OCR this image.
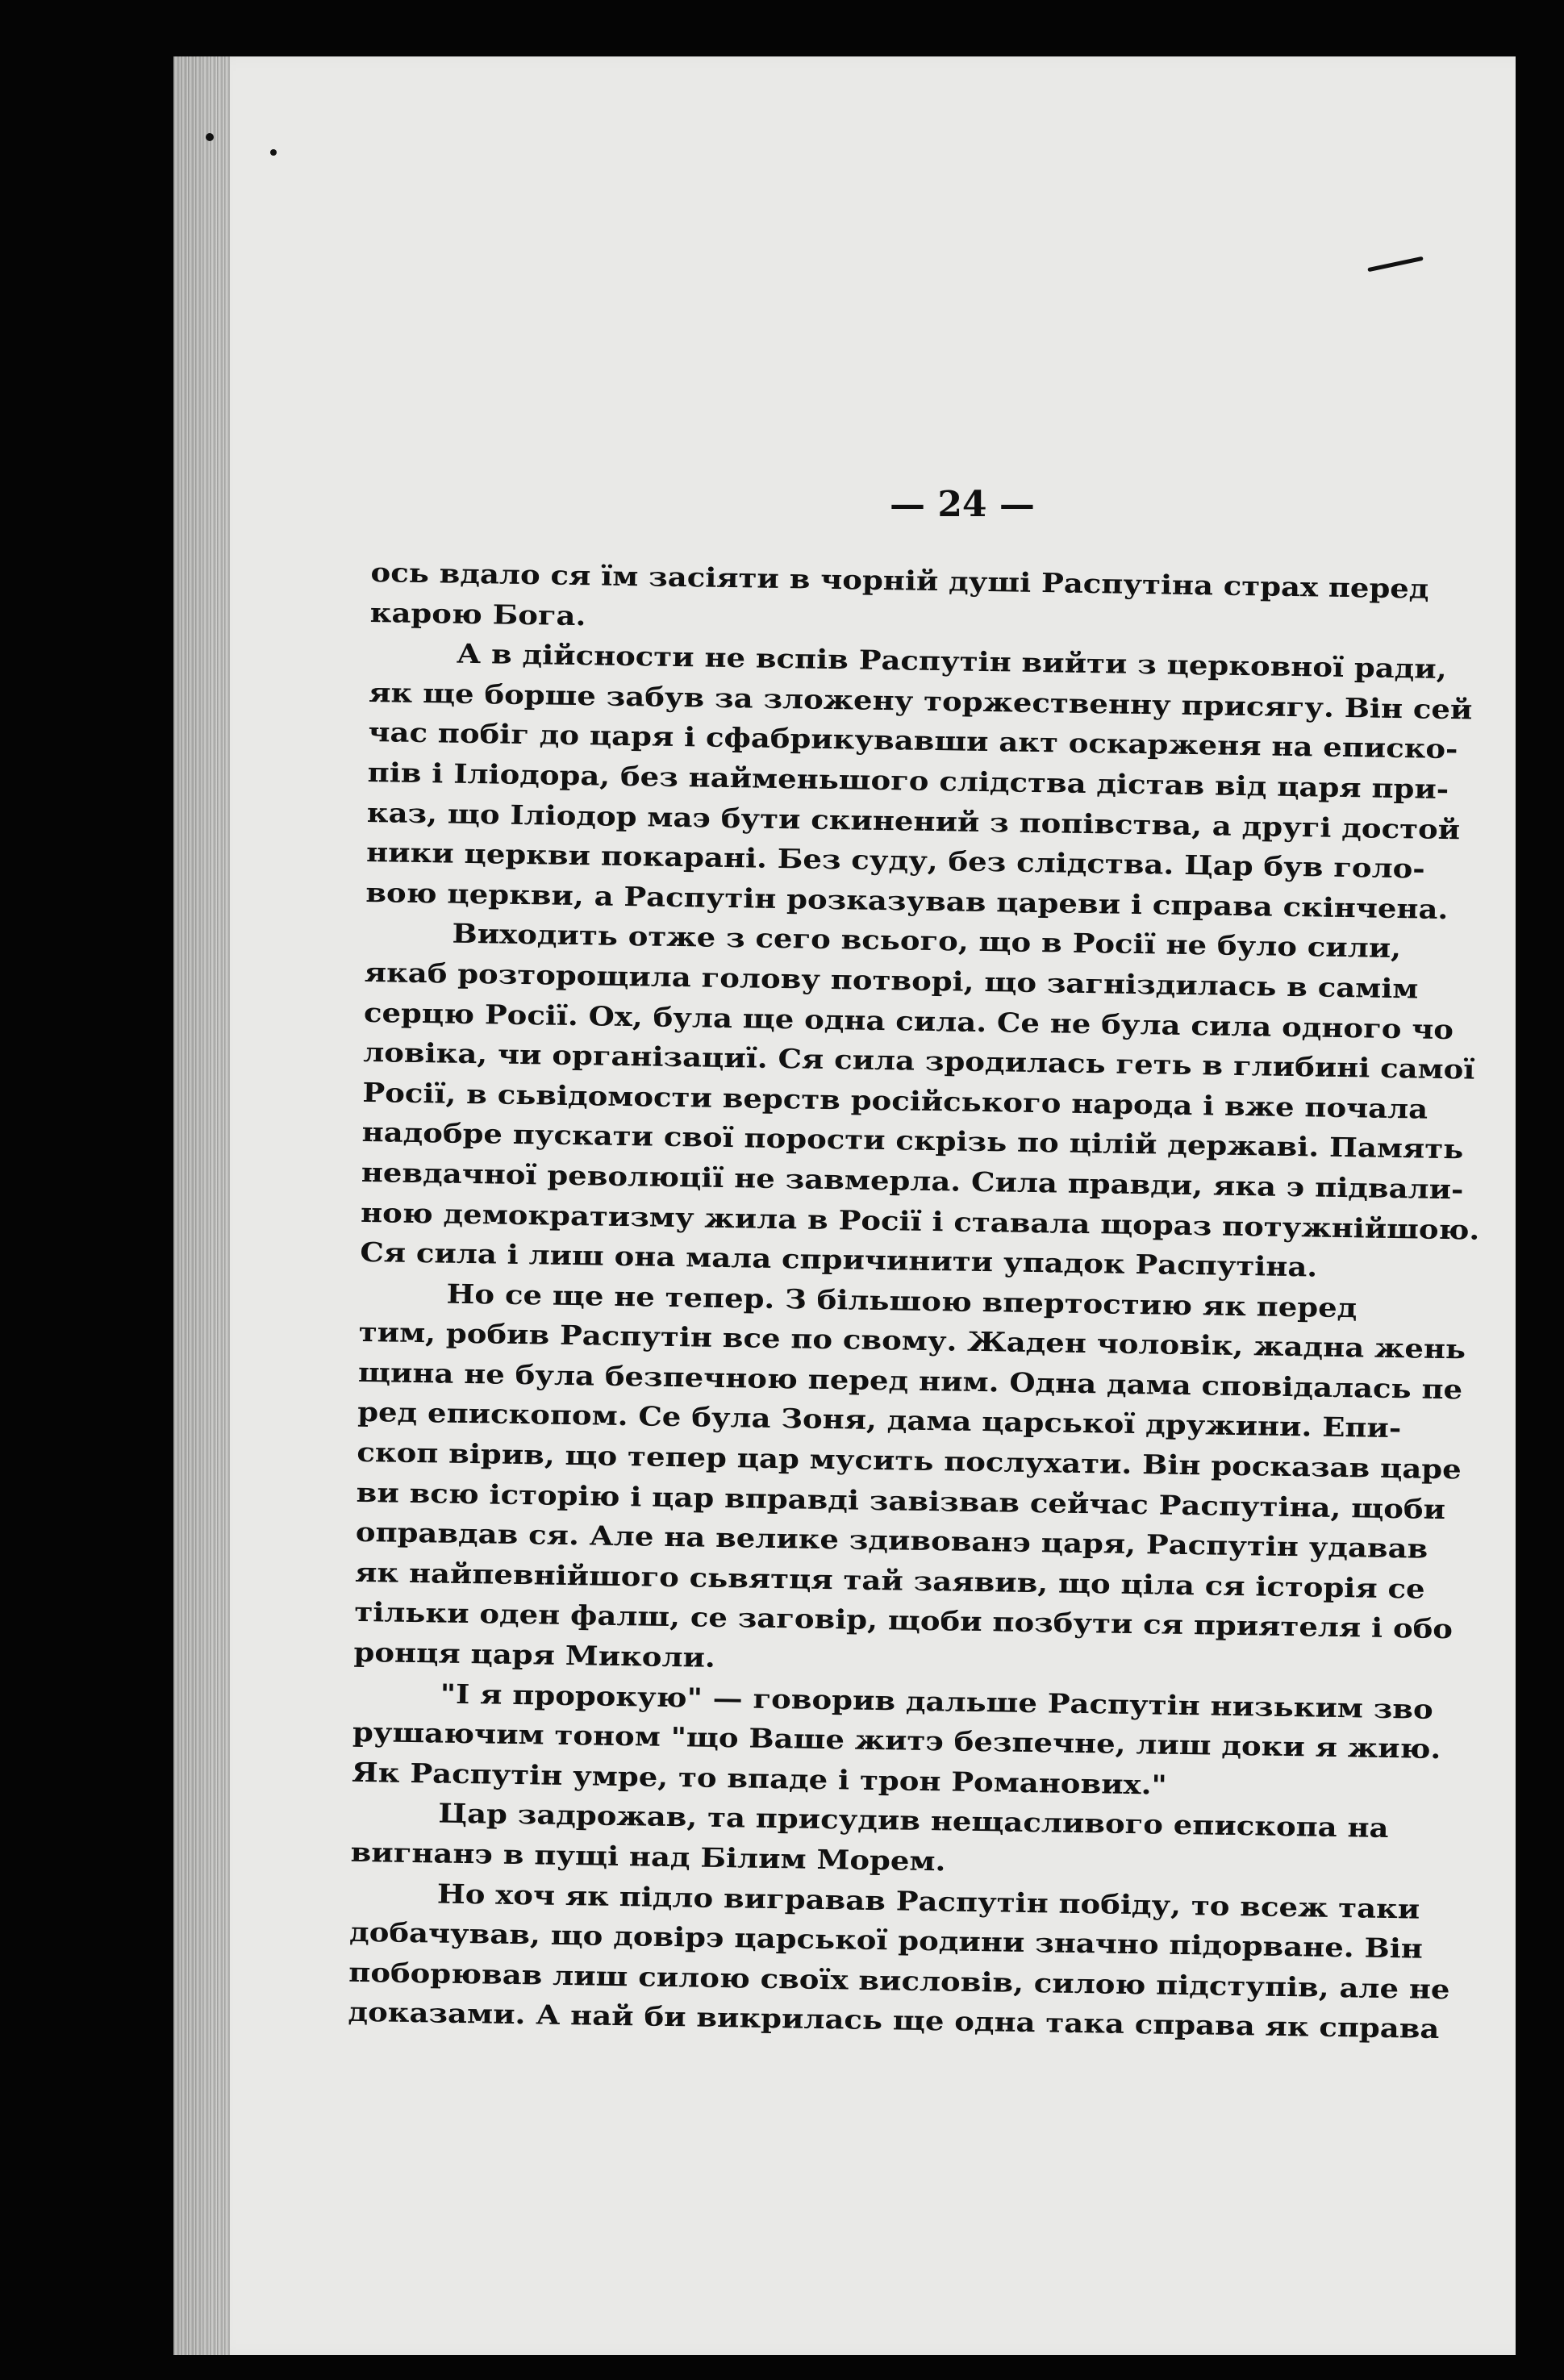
— 24 —
ось вдало ся їм засіяти в чорній душі Распутіна страх перед
карою Бога.
А в дійсности не вспів Распутін вийти з церковної ради,
як ще борше забув за зложену торжественну присягу. Він сей
час побіг до царя і сфабрикувавши акт оскарженя на еписко-
пів і Іліодора, без найменьшого слідства дістав від царя при-
каз, що Іліодор маэ бути скинений з попівства, а другі достой
ники церкви покарані. Без суду, без слідства. Цар був голо-
вою церкви, а Распутін розказував цареви і справа скінчена.
Виходить отже з сего всього, що в Росії не було сили,
якаб розторощила голову потворі, що загніздилась в самім
серцю Росії. Ох, була ще одна сила. Се не була сила одного чо
ловіка, чи організациї. Ся сила зродилась геть в глибині самої
Росії, в сьвідомости верств російського народа і вже почала
надобре пускати свої порости скрізь по цілій державі. Память
невдачної революції не завмерла. Сила правди, яка э підвали-
ною демократизму жила в Росії і ставала щораз потужнійшою.
Ся сила і лиш она мала спричинити упадок Распутіна.
Но се ще не тепер. З більшою впертостию як перед
тим, робив Распутін все по свому. Жаден чоловік, жадна жень
щина не була безпечною перед ним. Одна дама сповідалась пе
ред епископом. Се була Зоня, дама царської дружини. Епи-
скоп вірив, що тепер цар мусить послухати. Він росказав царе
ви всю історію і цар вправді завізвав сейчас Распутіна, щоби
оправдав ся. Але на велике здивованэ царя, Распутін удавав
як найпевнійшого сьвятця тай заявив, що ціла ся історія се
тільки оден фалш, се заговір, щоби позбути ся приятеля і обо
ронця царя Миколи.
"І я пророкую" — говорив дальше Распутін низьким зво
рушаючим тоном "що Ваше житэ безпечне, лиш доки я жию.
Як Распутін умре, то впаде і трон Романових."
Цар задрожав, та присудив нещасливого епископа на
вигнанэ в пущі над Білим Морем.
Но хоч як підло вигравав Распутін побіду, то всеж таки
добачував, що довірэ царської родини значно підорване. Він
поборював лиш силою своїх висловів, силою підступів, але не
доказами. А най би викрилась ще одна така справа як справа
